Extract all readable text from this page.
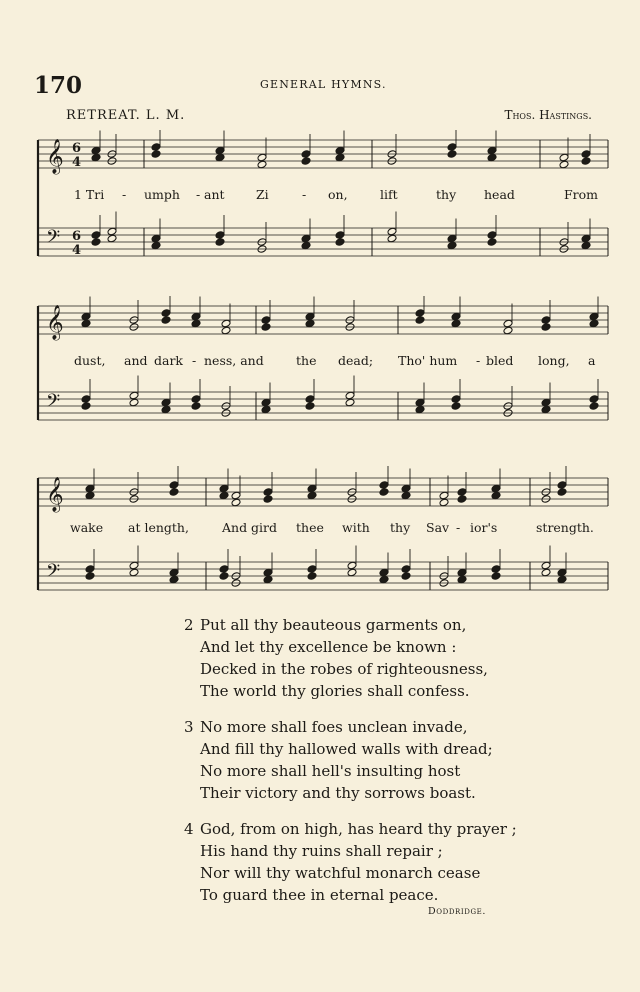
170	GENERAL HYMNS.
RETREAT. L. M.	Thos. Hastings.
𝄞
𝄢
6
4
6
4
1 Tri - umph - ant	Zi	- on,	lift	thy head	From
𝄞
𝄢
dust, and dark - ness, and	the dead; Tho' hum - bled long, a
𝄞
𝄢
wake at length,	And gird thee with thy Sav - ior's	strength.
2 Put all thy beauteous garments on,
And let thy excellence be known :
Decked in the robes of righteousness,
The world thy glories shall confess.
3 No more shall foes unclean invade,
And fill thy hallowed walls with dread;
No more shall hell's insulting host
Their victory and thy sorrows boast.
4 God, from on high, has heard thy prayer ;
His hand thy ruins shall repair ;
Nor will thy watchful monarch cease
To guard thee in eternal peace.
Doddridge.
